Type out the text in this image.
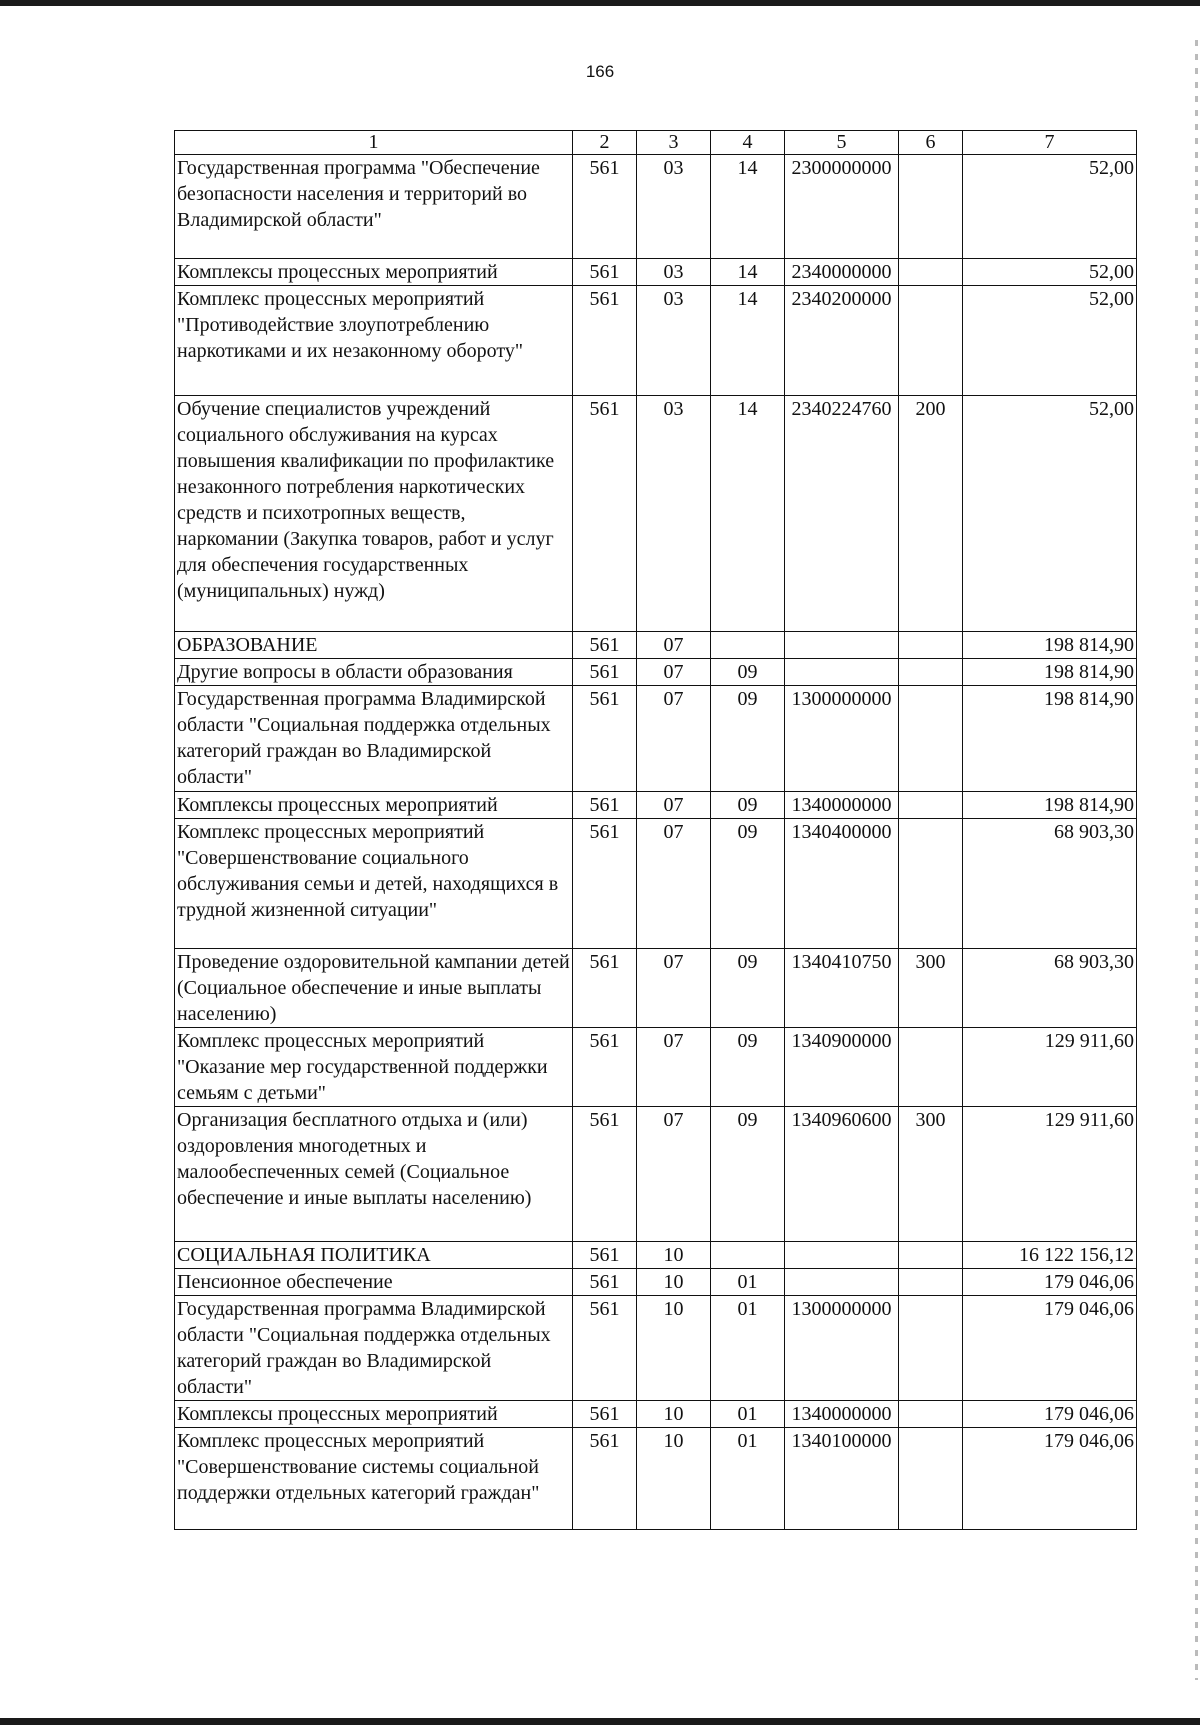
166
1	2	3	4	5	6	7
Государственная программа "Обеспечение безопасности населения и территорий во Владимирской области"	561	03	14	2300000000		52,00
Комплексы процессных мероприятий	561	03	14	2340000000		52,00
Комплекс процессных мероприятий "Противодействие злоупотреблению наркотиками и их незаконному обороту"	561	03	14	2340200000		52,00
Обучение специалистов учреждений социального обслуживания на курсах повышения квалификации по профилактике незаконного потребления наркотических средств и психотропных веществ, наркомании (Закупка товаров, работ и услуг для обеспечения государственных (муниципальных) нужд)	561	03	14	2340224760	200	52,00
ОБРАЗОВАНИЕ	561	07				198 814,90
Другие вопросы в области образования	561	07	09			198 814,90
Государственная программа Владимирской области "Социальная поддержка отдельных категорий граждан во Владимирской области"	561	07	09	1300000000		198 814,90
Комплексы процессных мероприятий	561	07	09	1340000000		198 814,90
Комплекс процессных мероприятий "Совершенствование социального обслуживания семьи и детей, находящихся в трудной жизненной ситуации"	561	07	09	1340400000		68 903,30
Проведение оздоровительной кампании детей (Социальное обеспечение и иные выплаты населению)	561	07	09	1340410750	300	68 903,30
Комплекс процессных мероприятий "Оказание мер государственной поддержки семьям с детьми"	561	07	09	1340900000		129 911,60
Организация бесплатного отдыха и (или) оздоровления многодетных и малообеспеченных семей (Социальное обеспечение и иные выплаты населению)	561	07	09	1340960600	300	129 911,60
СОЦИАЛЬНАЯ ПОЛИТИКА	561	10				16 122 156,12
Пенсионное обеспечение	561	10	01			179 046,06
Государственная программа Владимирской области "Социальная поддержка отдельных категорий граждан во Владимирской области"	561	10	01	1300000000		179 046,06
Комплексы процессных мероприятий	561	10	01	1340000000		179 046,06
Комплекс процессных мероприятий "Совершенствование системы социальной поддержки отдельных категорий граждан"	561	10	01	1340100000		179 046,06
